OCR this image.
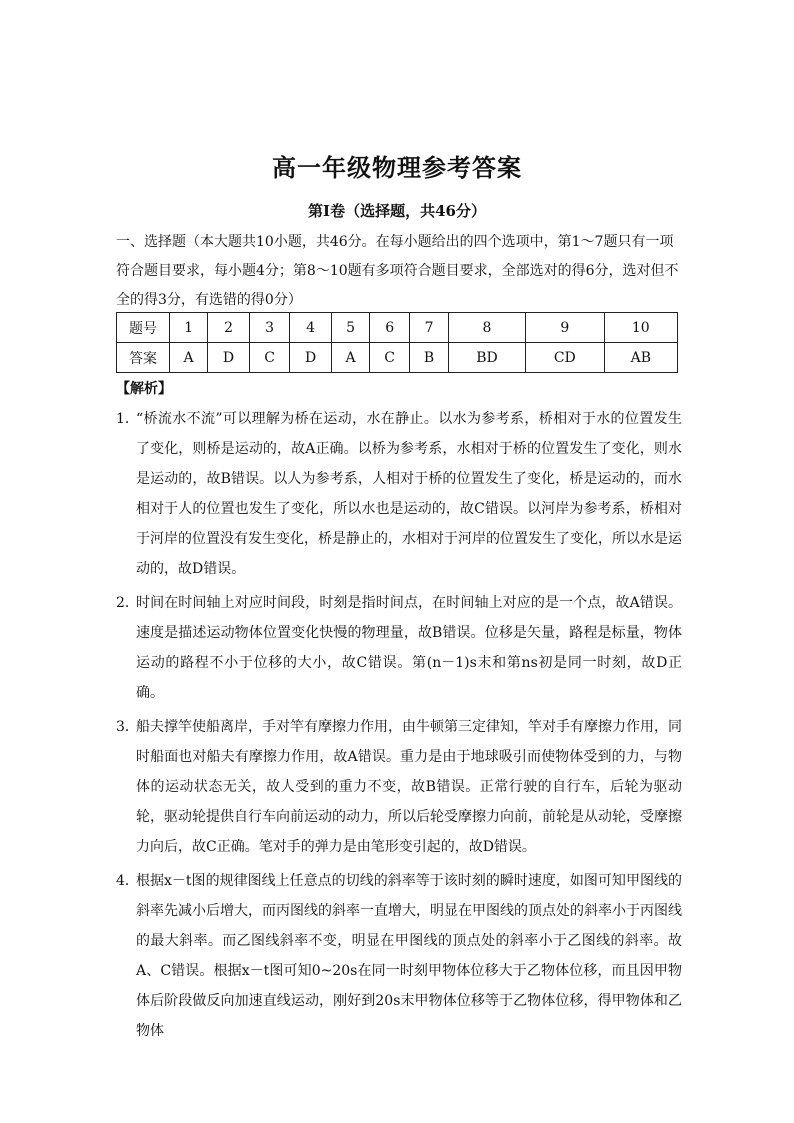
高一年级物理参考答案
第Ⅰ卷（选择题，共46分）
一、选择题（本大题共10小题，共46分。在每小题给出的四个选项中，第1～7题只有一项符合题目要求，每小题4分；第8～10题有多项符合题目要求，全部选对的得6分，选对但不全的得3分，有选错的得0分）
题号	1	2	3	4	5	6	7	8	9	10
答案	A	D	C	D	A	C	B	BD	CD	AB
【解析】
1．
“桥流水不流”可以理解为桥在运动，水在静止。以水为参考系，桥相对于水的位置发生了变化，则桥是运动的，故A正确。以桥为参考系，水相对于桥的位置发生了变化，则水是运动的，故B错误。以人为参考系，人相对于桥的位置发生了变化，桥是运动的，而水相对于人的位置也发生了变化，所以水也是运动的，故C错误。以河岸为参考系，桥相对于河岸的位置没有发生变化，桥是静止的，水相对于河岸的位置发生了变化，所以水是运动的，故D错误。
2．
时间在时间轴上对应时间段，时刻是指时间点，在时间轴上对应的是一个点，故A错误。速度是描述运动物体位置变化快慢的物理量，故B错误。位移是矢量，路程是标量，物体运动的路程不小于位移的大小，故C错误。第(n－1)s末和第ns初是同一时刻，故D正确。
3．
船夫撑竿使船离岸，手对竿有摩擦力作用，由牛顿第三定律知，竿对手有摩擦力作用，同时船面也对船夫有摩擦力作用，故A错误。重力是由于地球吸引而使物体受到的力，与物体的运动状态无关，故人受到的重力不变，故B错误。正常行驶的自行车，后轮为驱动轮，驱动轮提供自行车向前运动的动力，所以后轮受摩擦力向前，前轮是从动轮，受摩擦力向后，故C正确。笔对手的弹力是由笔形变引起的，故D错误。
4．
根据x－t图的规律图线上任意点的切线的斜率等于该时刻的瞬时速度，如图可知甲图线的斜率先减小后增大，而丙图线的斜率一直增大，明显在甲图线的顶点处的斜率小于丙图线的最大斜率。而乙图线斜率不变，明显在甲图线的顶点处的斜率小于乙图线的斜率。故A、C错误。根据x－t图可知0~20s在同一时刻甲物体位移大于乙物体位移，而且因甲物体后阶段做反向加速直线运动，刚好到20s末甲物体位移等于乙物体位移，得甲物体和乙物体
